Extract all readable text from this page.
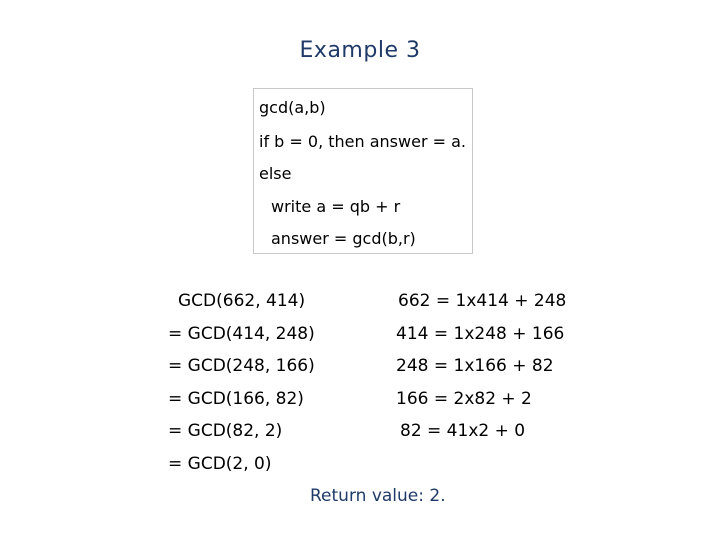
Example 3
gcd(a,b)
if b = 0, then answer = a.
else
write a = qb + r
answer = gcd(b,r)
GCD(662, 414)
= GCD(414, 248)
= GCD(248, 166)
= GCD(166, 82)
= GCD(82, 2)
= GCD(2, 0)
662 = 1x414 + 248
414 = 1x248 + 166
248 = 1x166 + 82
166 = 2x82 + 2
82 = 41x2 + 0
Return value: 2.
